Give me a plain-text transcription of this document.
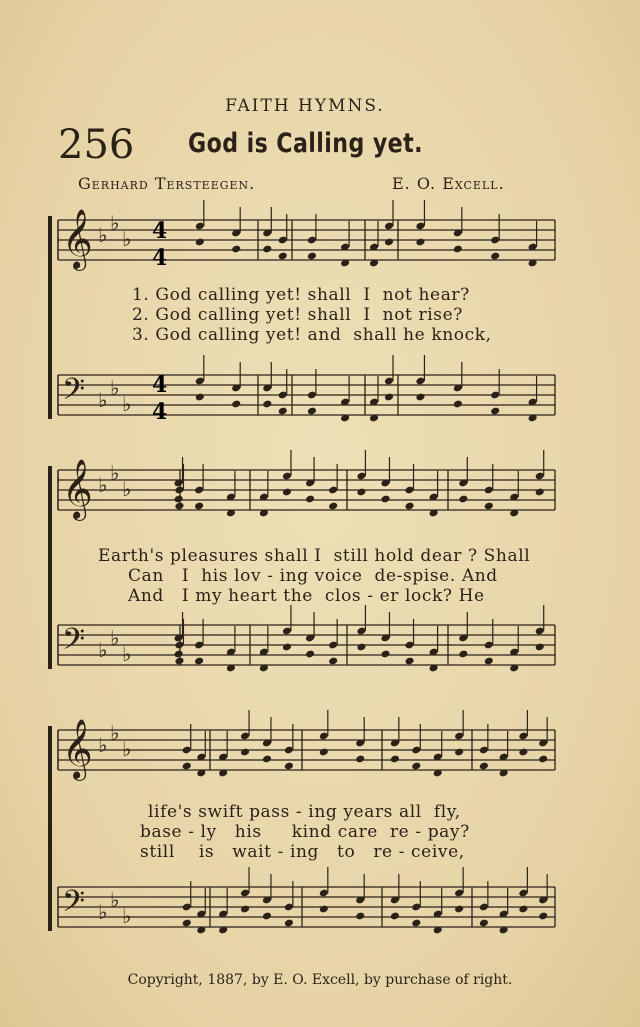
FAITH HYMNS.
256 God is Calling yet.
Gerhard Tersteegen.	E. O. Excell.
𝄞 ♭ ♭
♭
𝄢 ♭ ♭
♭
𝄞 ♭ ♭
♭
𝄢 ♭ ♭
♭
𝄞 ♭ ♭
♭
𝄢 ♭ ♭
♭
4
4
4
4
1. God calling yet! shall  I  not hear?
2. God calling yet! shall  I  not rise?
3. God calling yet! and  shall he knock,
Earth's pleasures shall I  still hold dear ? Shall
Can   I  his lov - ing voice  de-spise. And
And   I my heart the  clos - er lock? He
life's swift pass - ing years all  fly,
base - ly   his     kind care  re - pay?
still    is   wait - ing   to   re - ceive,
Copyright, 1887, by E. O. Excell, by purchase of right.
